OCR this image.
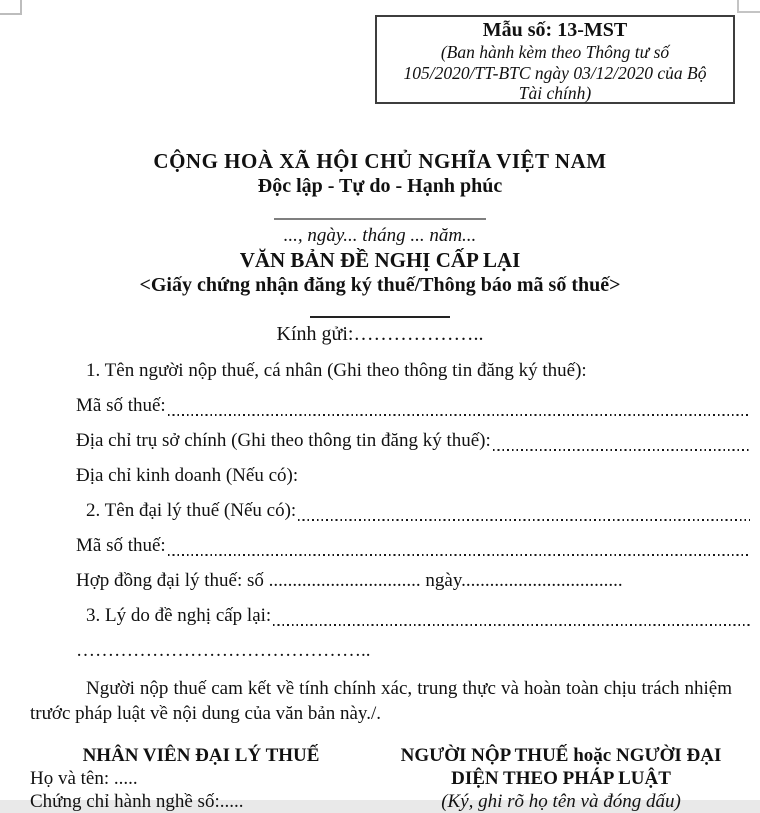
Mẫu số: 13-MST
(Ban hành kèm theo Thông tư số
105/2020/TT-BTC ngày 03/12/2020 của Bộ
Tài chính)
CỘNG HOÀ XÃ HỘI CHỦ NGHĨA VIỆT NAM
Độc lập - Tự do - Hạnh phúc
..., ngày... tháng ... năm...
VĂN BẢN ĐỀ NGHỊ CẤP LẠI
<Giấy chứng nhận đăng ký thuế/Thông báo mã số thuế>
Kính gửi:………………..

1. Tên người nộp thuế, cá nhân (Ghi theo thông tin đăng ký thuế):

Mã số thuế:

Địa chỉ trụ sở chính (Ghi theo thông tin đăng ký thuế):

Địa chỉ kinh doanh (Nếu có):

2. Tên đại lý thuế (Nếu có):

Mã số thuế:

Hợp đồng đại lý thuế: số ................................ ngày..................................

3. Lý do đề nghị cấp lại:

………………………………………..

Người nộp thuế cam kết về tính chính xác, trung thực và hoàn toàn chịu trách nhiệm trước pháp luật về nội dung của văn bản này./.

NHÂN VIÊN ĐẠI LÝ THUẾ
Họ và tên: .....
Chứng chỉ hành nghề số:.....
NGƯỜI NỘP THUẾ hoặc NGƯỜI ĐẠI
DIỆN THEO PHÁP LUẬT
(Ký, ghi rõ họ tên và đóng dấu)
